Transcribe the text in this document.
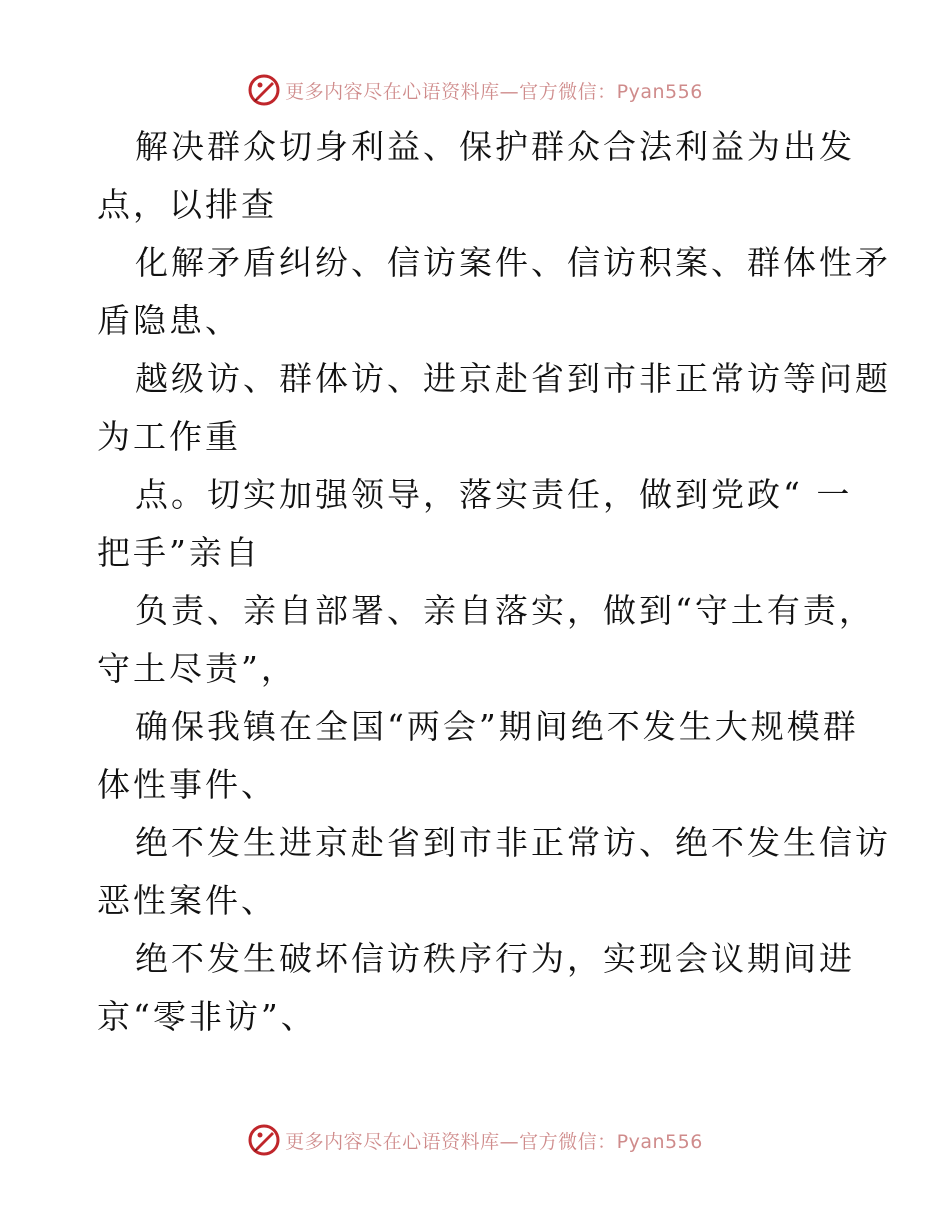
更多内容尽在心语资料库—官方微信：Pyan556
解决群众切身利益、保护群众合法利益为出发
点，以排查
化解矛盾纠纷、信访案件、信访积案、群体性矛
盾隐患、
越级访、群体访、进京赴省到市非正常访等问题
为工作重
点。切实加强领导，落实责任，做到党政“ 一
把手”亲自
负责、亲自部署、亲自落实，做到“守土有责，
守土尽责”，
确保我镇在全国“两会”期间绝不发生大规模群
体性事件、
绝不发生进京赴省到市非正常访、绝不发生信访
恶性案件、
绝不发生破坏信访秩序行为，实现会议期间进
京“零非访”、
更多内容尽在心语资料库—官方微信：Pyan556
